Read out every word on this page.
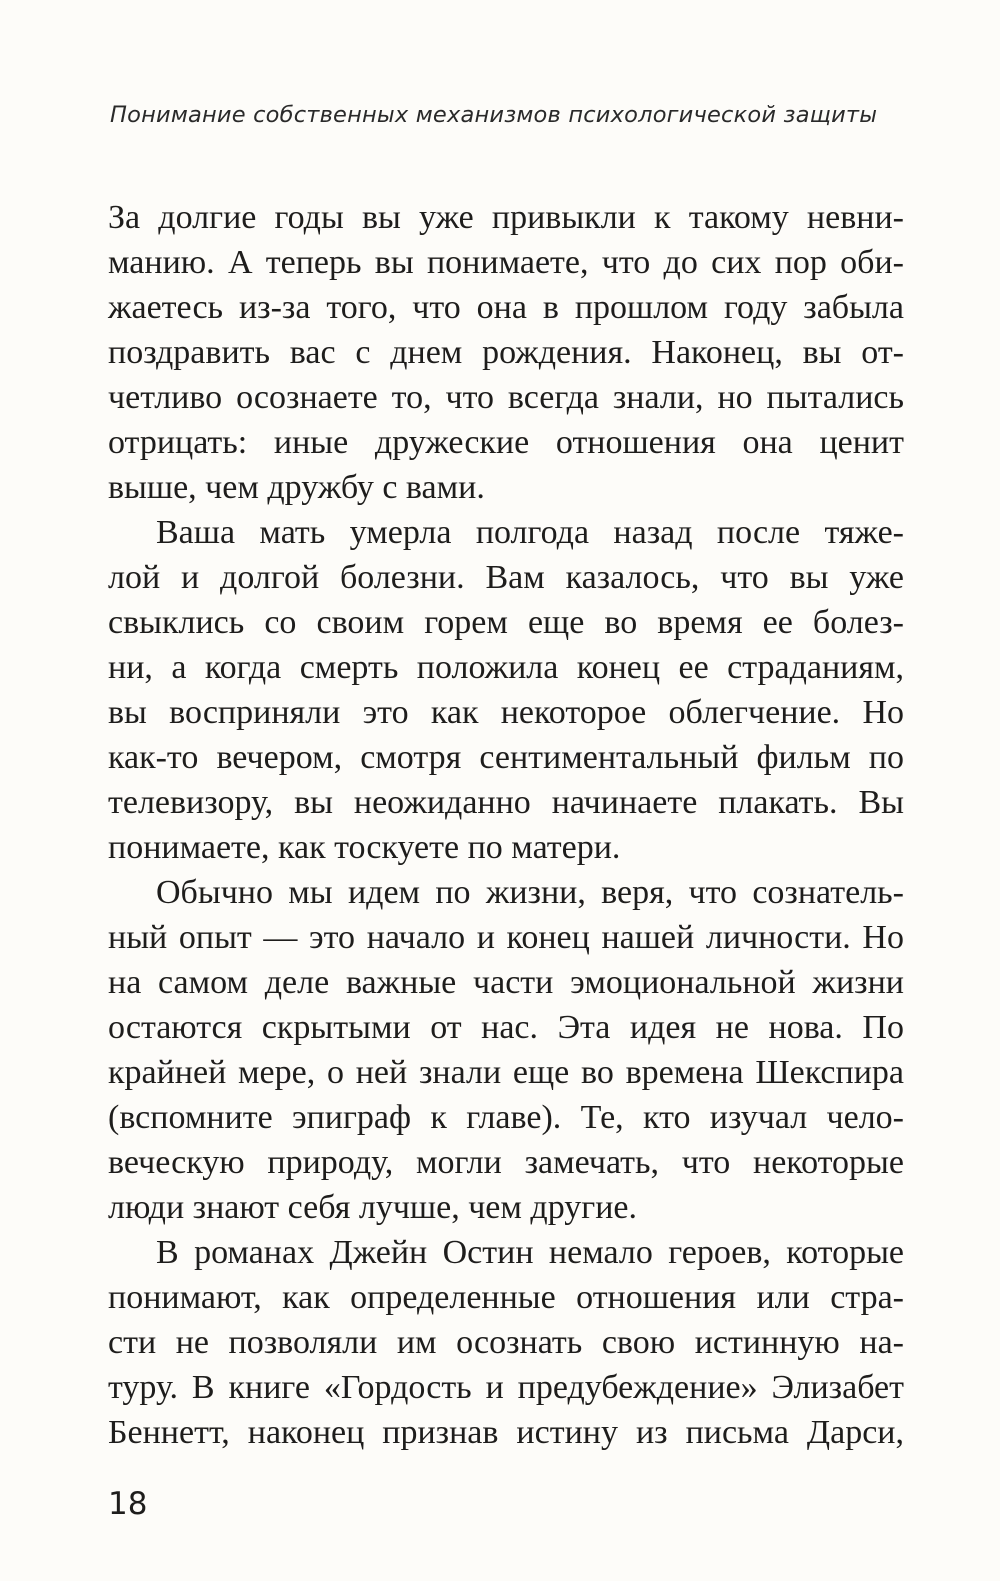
Понимание собственных механизмов психологической защиты
За долгие годы вы уже привыкли к такому невни-
манию. А теперь вы понимаете, что до сих пор оби-
жаетесь из-за того, что она в прошлом году забыла
поздравить вас с днем рождения. Наконец, вы от-
четливо осознаете то, что всегда знали, но пытались
отрицать: иные дружеские отношения она ценит
выше, чем дружбу с вами.
Ваша мать умерла полгода назад после тяже-
лой и долгой болезни. Вам казалось, что вы уже
свыклись со своим горем еще во время ее болез-
ни, а когда смерть положила конец ее страданиям,
вы восприняли это как некоторое облегчение. Но
как-то вечером, смотря сентиментальный фильм по
телевизору, вы неожиданно начинаете плакать. Вы
понимаете, как тоскуете по матери.
Обычно мы идем по жизни, веря, что сознатель-
ный опыт — это начало и конец нашей личности. Но
на самом деле важные части эмоциональной жизни
остаются скрытыми от нас. Эта идея не нова. По
крайней мере, о ней знали еще во времена Шекспира
(вспомните эпиграф к главе). Те, кто изучал чело-
веческую природу, могли замечать, что некоторые
люди знают себя лучше, чем другие.
В романах Джейн Остин немало героев, которые
понимают, как определенные отношения или стра-
сти не позволяли им осознать свою истинную на-
туру. В книге «Гордость и предубеждение» Элизабет
Беннетт, наконец признав истину из письма Дарси,
18
